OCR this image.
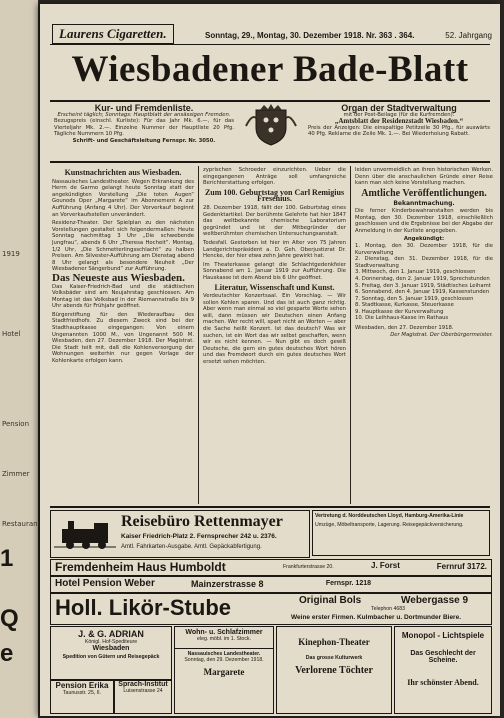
1919
Hotel
Pension
Zimmer
Restaurant
1
Q
e
Laurens Cigaretten.	Sonntag, 29., Montag, 30. Dezember 1918. Nr. 363 . 364.	52. Jahrgang
Wiesbadener Bade-Blatt
Kur- und Fremdenliste.
Erscheint täglich; Sonntags: Hauptblatt der ansässigen Fremden.
Bezugspreis (einschl. Kurliste): Für das Jahr Mk. 6.—, für das Vierteljahr Mk. 2.—. Einzelne Nummer der Hauptliste 20 Pfg. Tägliche Nummern 10 Pfg.
Schrift- und Geschäftsleitung Fernspr. Nr. 3050.
Organ der Stadtverwaltung
mit der Post-Beilage (für die Kurfremden):
„Amtsblatt der Residenzstadt Wiesbaden.“
Preis der Anzeigen: Die einspaltige Petitzeile 30 Pfg., für auswärts 40 Pfg. Reklame die Zeile Mk. 1.—. Bei Wiederholung Rabatt.
Kunstnachrichten aus Wiesbaden.
Nassauisches Landestheater. Wegen Erkrankung des Herrn de Garmo gelangt heute Sonntag statt der angekündigten Vorstellung „Die toten Augen“ Gounods Oper „Margarete“ im Abonnement A zur Aufführung (Anfang 4 Uhr). Der Vorverkauf beginnt an Vorverkaufsstellen unverändert.
Residenz-Theater. Der Spielplan zu den nächsten Vorstellungen gestaltet sich folgendermaßen: Heute Sonntag nachmittag 3 Uhr „Die schwebende Jungfrau“, abends 6 Uhr „Theresa Hocheit“. Montag, 1/2 Uhr, „Die Schmetterlingsschlacht“ zu halben Preisen. Am Silvester-Aufführung am Dienstag abend 8 Uhr gelangt als besondere Neuheit „Der Wiesbadener Sängerbund“ zur Aufführung.
Das Neueste aus Wiesbaden.
Das Kaiser-Friedrich-Bad und die städtischen Volksbäder sind am Neujahrstag geschlossen. Am Montag ist das Volksbad in der Riemannstraße bis 9 Uhr abends für Frühjahr geöffnet.
Bürgerstiftung für den Wiederaufbau des Stadtfriedhofs. Zu diesem Zweck sind bei der Stadthauptkasse eingegangen: Von einem Ungenannten 1000 M., von Ungenannt 500 M. Wiesbaden, den 27. Dezember 1918. Der Magistrat. Die Stadt teilt mit, daß die Kohlenversorgung der Wohnungen weiterhin nur gegen Vorlage der Kohlenkarte erfolgen kann.
zyprischen Schroeder einzurichten. Ueber die eingegangenen Anträge soll umfangreiche Berichterstattung erfolgen.
Zum 100. Geburtstag von Carl Remigius Fresenius.
28. Dezember 1918, fällt der 100. Geburtstag eines Gedenktartikel. Der berühmte Gelehrte hat hier 1847 das weltbekannte chemische Laboratorium gegründet und ist der Mitbegründer der weltberühmten chemischen Untersuchungsanstalt.
Todesfall. Gestorben ist hier im Alter von 75 Jahren Landgerichtspräsident a. D. Geh. Oberjustizrat Dr. Hencke, der hier etwa zehn Jahre gewirkt hat.
Im Theaterkasse gelangt die Schlachtgedenkfeier Sonnabend am 1. Januar 1919 zur Aufführung. Die Hauskasse ist dem Abend bis 6 Uhr geöffnet.
Literatur, Wissenschaft und Kunst.
Verdeutschter Konzertsaal. Ein Vorschlag. — Wir sollen Kehlen sparen. Und das ist auch ganz richtig. Aber wenn man einmal so viel gesparte Worte sehen will, dann müssen wir Deutschen einen Anfang machen. Wer recht will, spart nicht an Worten — aber die Sache heißt Konzert. Ist das deutsch? Was wir suchen, ist ein Wort das wir selbst geschaffen, wenn wir es nicht kennen. — Nun gibt es doch gewiß Deutsche, die gern ein gutes deutsches Wort hören und das Fremdwort durch ein gutes deutsches Wort ersetzt sehen möchten.
leiden unvermeidlich an ihren historischen Werken. Denn über die anschaulichen Gründe einer Reise kann man sich keine Vorstellung machen.
Amtliche Veröffentlichungen.
Bekanntmachung.
Die ferner Kinderbewahranstalten werden bis Montag, den 30. Dezember 1918, einschließlich geschlossen und die Ergebnisse bei der Abgabe der Anmeldung in der Kurliste angegeben.
Angekündigt:
1. Montag, den 30. Dezember 1918, für die Kurverwaltung
2. Dienstag, den 31. Dezember 1918, für die Stadtverwaltung
3. Mittwoch, den 1. Januar 1919, geschlossen
4. Donnerstag, den 2. Januar 1919, Sprechstunden
5. Freitag, den 3. Januar 1919, Städtisches Leihamt
6. Sonnabend, den 4. Januar 1919, Kassenstunden
7. Sonntag, den 5. Januar 1919, geschlossen
8. Stadtkasse, Kurkasse, Steuerkasse
9. Hauptkasse der Kurverwaltung
10. Die Leihhaus-Kasse im Rathaus
Wiesbaden, den 27. Dezember 1918.
Der Magistrat. Der Oberbürgermeister.
Reisebüro Rettenmayer
Kaiser Friedrich-Platz 2. Fernsprecher 242 u. 2376.
Amtl. Fahrkarten-Ausgabe. Amtl. Gepäckabfertigung.
Vertretung d. Norddeutschen Lloyd, Hamburg-Amerika-Linie
Umzüge, Möbeltransporte, Lagerung. Reisegepäckversicherung.
Fremdenheim Haus Humboldt	Frankfurterstrasse 20.	J. Forst	Fernruf 3172.
Hotel Pension Weber	Mainzerstrasse 8	Fernspr. 1218
Holl. Likör-Stube	Original Bols	Webergasse 9
Telephon 4683
Weine erster Firmen. Kulmbacher u. Dortmunder Biere.
J. & G. ADRIAN
Königl. Hof-Spediteure
Wiesbaden
Spedition von Gütern und Reisegepäck
Pension Erika
Taunusstr. 25, II.
Sprach-Institut
Luisenstrasse 24
Wohn- u. Schlafzimmer
eleg. möbl. im 1. Stock.
Nassauisches Landestheater.
Sonntag, den 29. Dezember 1918.
Margarete
Kinephon-Theater
Das grosse Kulturwerk
Verlorene Töchter
Monopol - Lichtspiele
Das Geschlecht der Scheine.
Ihr schönster Abend.
